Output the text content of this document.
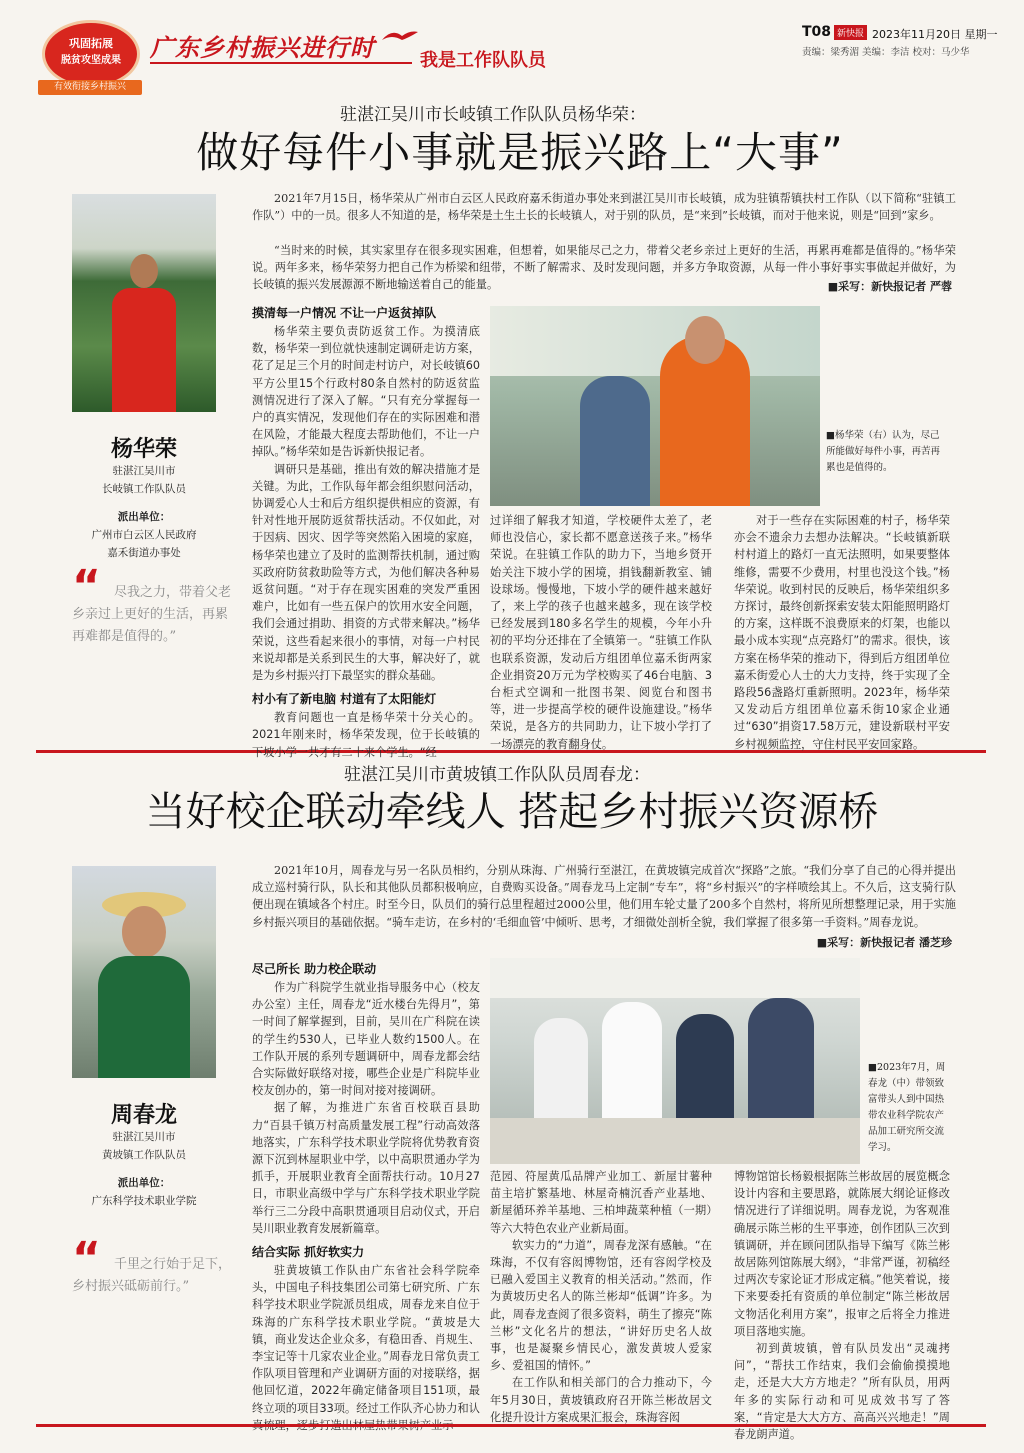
巩固拓展
脱贫攻坚成果
有效衔接乡村振兴
广东乡村振兴进行时	我是工作队队员
T08 新快报 2023年11月20日 星期一
责编：梁秀湄 美编：李洁 校对：马少华
驻湛江吴川市长岐镇工作队队员杨华荣：
做好每件小事就是振兴路上“大事”
杨华荣
驻湛江吴川市
长岐镇工作队队员
派出单位：
广州市白云区人民政府
嘉禾街道办事处
“	尽我之力，带着父老乡亲过上更好的生活，再累再难都是值得的。”

2021年7月15日，杨华荣从广州市白云区人民政府嘉禾街道办事处来到湛江吴川市长岐镇，成为驻镇帮镇扶村工作队（以下简称“驻镇工作队”）中的一员。很多人不知道的是，杨华荣是土生土长的长岐镇人，对于别的队员，是“来到”长岐镇，而对于他来说，则是“回到”家乡。

“当时来的时候，其实家里存在很多现实困难，但想着，如果能尽己之力，带着父老乡亲过上更好的生活，再累再难都是值得的。”杨华荣说。两年多来，杨华荣努力把自己作为桥梁和纽带，不断了解需求、及时发现问题，并多方争取资源，从每一件小事好事实事做起并做好，为长岐镇的振兴发展源源不断地输送着自己的能量。	■采写：新快报记者 严蓉
摸清每一户情况 不让一户返贫掉队

杨华荣主要负责防返贫工作。为摸清底数，杨华荣一到位就快速制定调研走访方案，花了足足三个月的时间走村访户，对长岐镇60平方公里15个行政村80条自然村的防返贫监测情况进行了深入了解。“只有充分掌握每一户的真实情况，发现他们存在的实际困难和潜在风险，才能最大程度去帮助他们，不让一户掉队。”杨华荣如是告诉新快报记者。

调研只是基础，推出有效的解决措施才是关键。为此，工作队每年都会组织慰问活动，协调爱心人士和后方组织提供相应的资源，有针对性地开展防返贫帮扶活动。不仅如此，对于因病、因灾、因学等突然陷入困境的家庭，杨华荣也建立了及时的监测帮扶机制，通过购买政府防贫救助险等方式，为他们解决各种易返贫问题。“对于存在现实困难的突发严重困难户，比如有一些五保户的饮用水安全问题，我们会通过捐助、捐资的方式带来解决。”杨华荣说，这些看起来很小的事情，对每一户村民来说却都是关系到民生的大事，解决好了，就是为乡村振兴打下最坚实的群众基础。

村小有了新电脑 村道有了太阳能灯

教育问题也一直是杨华荣十分关心的。2021年刚来时，杨华荣发现，位于长岐镇的下坡小学一共才有二十来个学生。“经

■杨华荣（右）认为，尽己所能做好每件小事，再苦再累也是值得的。

过详细了解我才知道，学校硬件太差了，老师也没信心，家长都不愿意送孩子来。”杨华荣说。在驻镇工作队的助力下，当地乡贤开始关注下坡小学的困境，捐钱翻新教室、铺设球场。慢慢地，下坡小学的硬件越来越好了，来上学的孩子也越来越多，现在该学校已经发展到180多名学生的规模，今年小升初的平均分还排在了全镇第一。“驻镇工作队也联系资源，发动后方组团单位嘉禾街两家企业捐资20万元为学校购买了46台电脑、3台柜式空调和一批图书架、阅览台和图书等，进一步提高学校的硬件设施建设。”杨华荣说，是各方的共同助力，让下坡小学打了一场漂亮的教育翻身仗。

对于一些存在实际困难的村子，杨华荣亦会不遗余力去想办法解决。“长岐镇新联村村道上的路灯一直无法照明，如果要整体维修，需要不少费用，村里也没这个钱。”杨华荣说。收到村民的反映后，杨华荣组织多方探讨，最终创新探索安装太阳能照明路灯的方案，这样既不浪费原来的灯架，也能以最小成本实现“点亮路灯”的需求。很快，该方案在杨华荣的推动下，得到后方组团单位嘉禾街爱心人士的大力支持，终于实现了全路段56盏路灯重新照明。2023年，杨华荣又发动后方组团单位嘉禾街10家企业通过“630”捐资17.58万元，建设新联村平安乡村视频监控，守住村民平安回家路。

驻湛江吴川市黄坡镇工作队队员周春龙：
当好校企联动牵线人 搭起乡村振兴资源桥
周春龙
驻湛江吴川市
黄坡镇工作队队员
派出单位：
广东科学技术职业学院
“	千里之行始于足下，乡村振兴砥砺前行。”

2021年10月，周春龙与另一名队员相约，分别从珠海、广州骑行至湛江，在黄坡镇完成首次“探路”之旅。“我们分享了自己的心得并提出成立巡村骑行队，队长和其他队员都积极响应，自费购买设备。”周春龙马上定制“专车”，将“乡村振兴”的字样喷绘其上。不久后，这支骑行队便出现在镇域各个村庄。时至今日，队员们的骑行总里程超过2000公里，他们用车轮丈量了200多个自然村，将所见所想整理记录，用于实施乡村振兴项目的基础依据。“骑车走访，在乡村的‘毛细血管’中倾听、思考，才细微处剖析全貌，我们掌握了很多第一手资料。”周春龙说。

■采写：新快报记者 潘芝珍
尽己所长 助力校企联动

作为广科院学生就业指导服务中心（校友办公室）主任，周春龙“近水楼台先得月”，第一时间了解掌握到，目前，吴川在广科院在读的学生约530人，已毕业人数约1500人。在工作队开展的系列专题调研中，周春龙都会结合实际做好联络对接，哪些企业是广科院毕业校友创办的，第一时间对接对接调研。

据了解，为推进广东省百校联百县助力“百县千镇万村高质量发展工程”行动高效落地落实，广东科学技术职业学院将优势教育资源下沉到林屋职业中学，以中高职贯通办学为抓手，开展职业教育全面帮扶行动。10月27日，市职业高级中学与广东科学技术职业学院举行三二分段中高职贯通项目启动仪式，开启吴川职业教育发展新篇章。

结合实际 抓好软实力

驻黄坡镇工作队由广东省社会科学院牵头，中国电子科技集团公司第七研究所、广东科学技术职业学院派员组成，周春龙来自位于珠海的广东科学技术职业学院。“黄坡是大镇，商业发达企业众多，有稳田香、肖规生、李宝记等十几家农业企业。”周春龙日常负责工作队项目管理和产业调研方面的对接联络，据他回忆道，2022年确定储备项目151项，最终立项的项目33项。经过工作队齐心协力和认

■2023年7月，周春龙（中）带领致富带头人到中国热带农业科学院农产品加工研究所交流学习。

范园、符屋黄瓜品牌产业加工、新屋甘薯种苗主培扩繁基地、林屋奇楠沉香产业基地、新屋循环养羊基地、三柏坤蔬菜种植（一期）等六大特色农业产业新局面。

软实力的“力道”，周春龙深有感触。“在珠海，不仅有容闳博物馆，还有容闳学校及已融入爱国主义教育的相关活动。”然而，作为黄坡历史名人的陈兰彬却“低调”许多。为此，周春龙查阅了很多资料，萌生了擦亮“陈兰彬”文化名片的想法，“讲好历史名人故事，也是凝聚乡情民心，激发黄坡人爱家乡、爱祖国的情怀。”

在工作队和相关部门的合力推动下，今年5月30日，黄坡镇政府召开陈兰彬故居文化提升设计方案成果汇报会，珠海容闳

博物馆馆长杨毅根据陈兰彬故居的展览概念设计内容和主要思路，就陈展大纲论证修改情况进行了详细说明。周春龙说，为客观准确展示陈兰彬的生平事迹，创作团队三次到镇调研，并在顾问团队指导下编写《陈兰彬故居陈列馆陈展大纲》，“非常严谨，初稿经过两次专家论证才形成定稿。”他笑着说，接下来要委托有资质的单位制定“陈兰彬故居文物活化利用方案”，报审之后将全力推进项目落地实施。

初到黄坡镇，曾有队员发出“灵魂拷问”，“帮扶工作结束，我们会偷偷摸摸地走，还是大大方方地走？”所有队员，用两年多的实际行动和可见成效书写了答案，“肯定是大大方方、高高兴兴地走！”周春龙朗声道。
